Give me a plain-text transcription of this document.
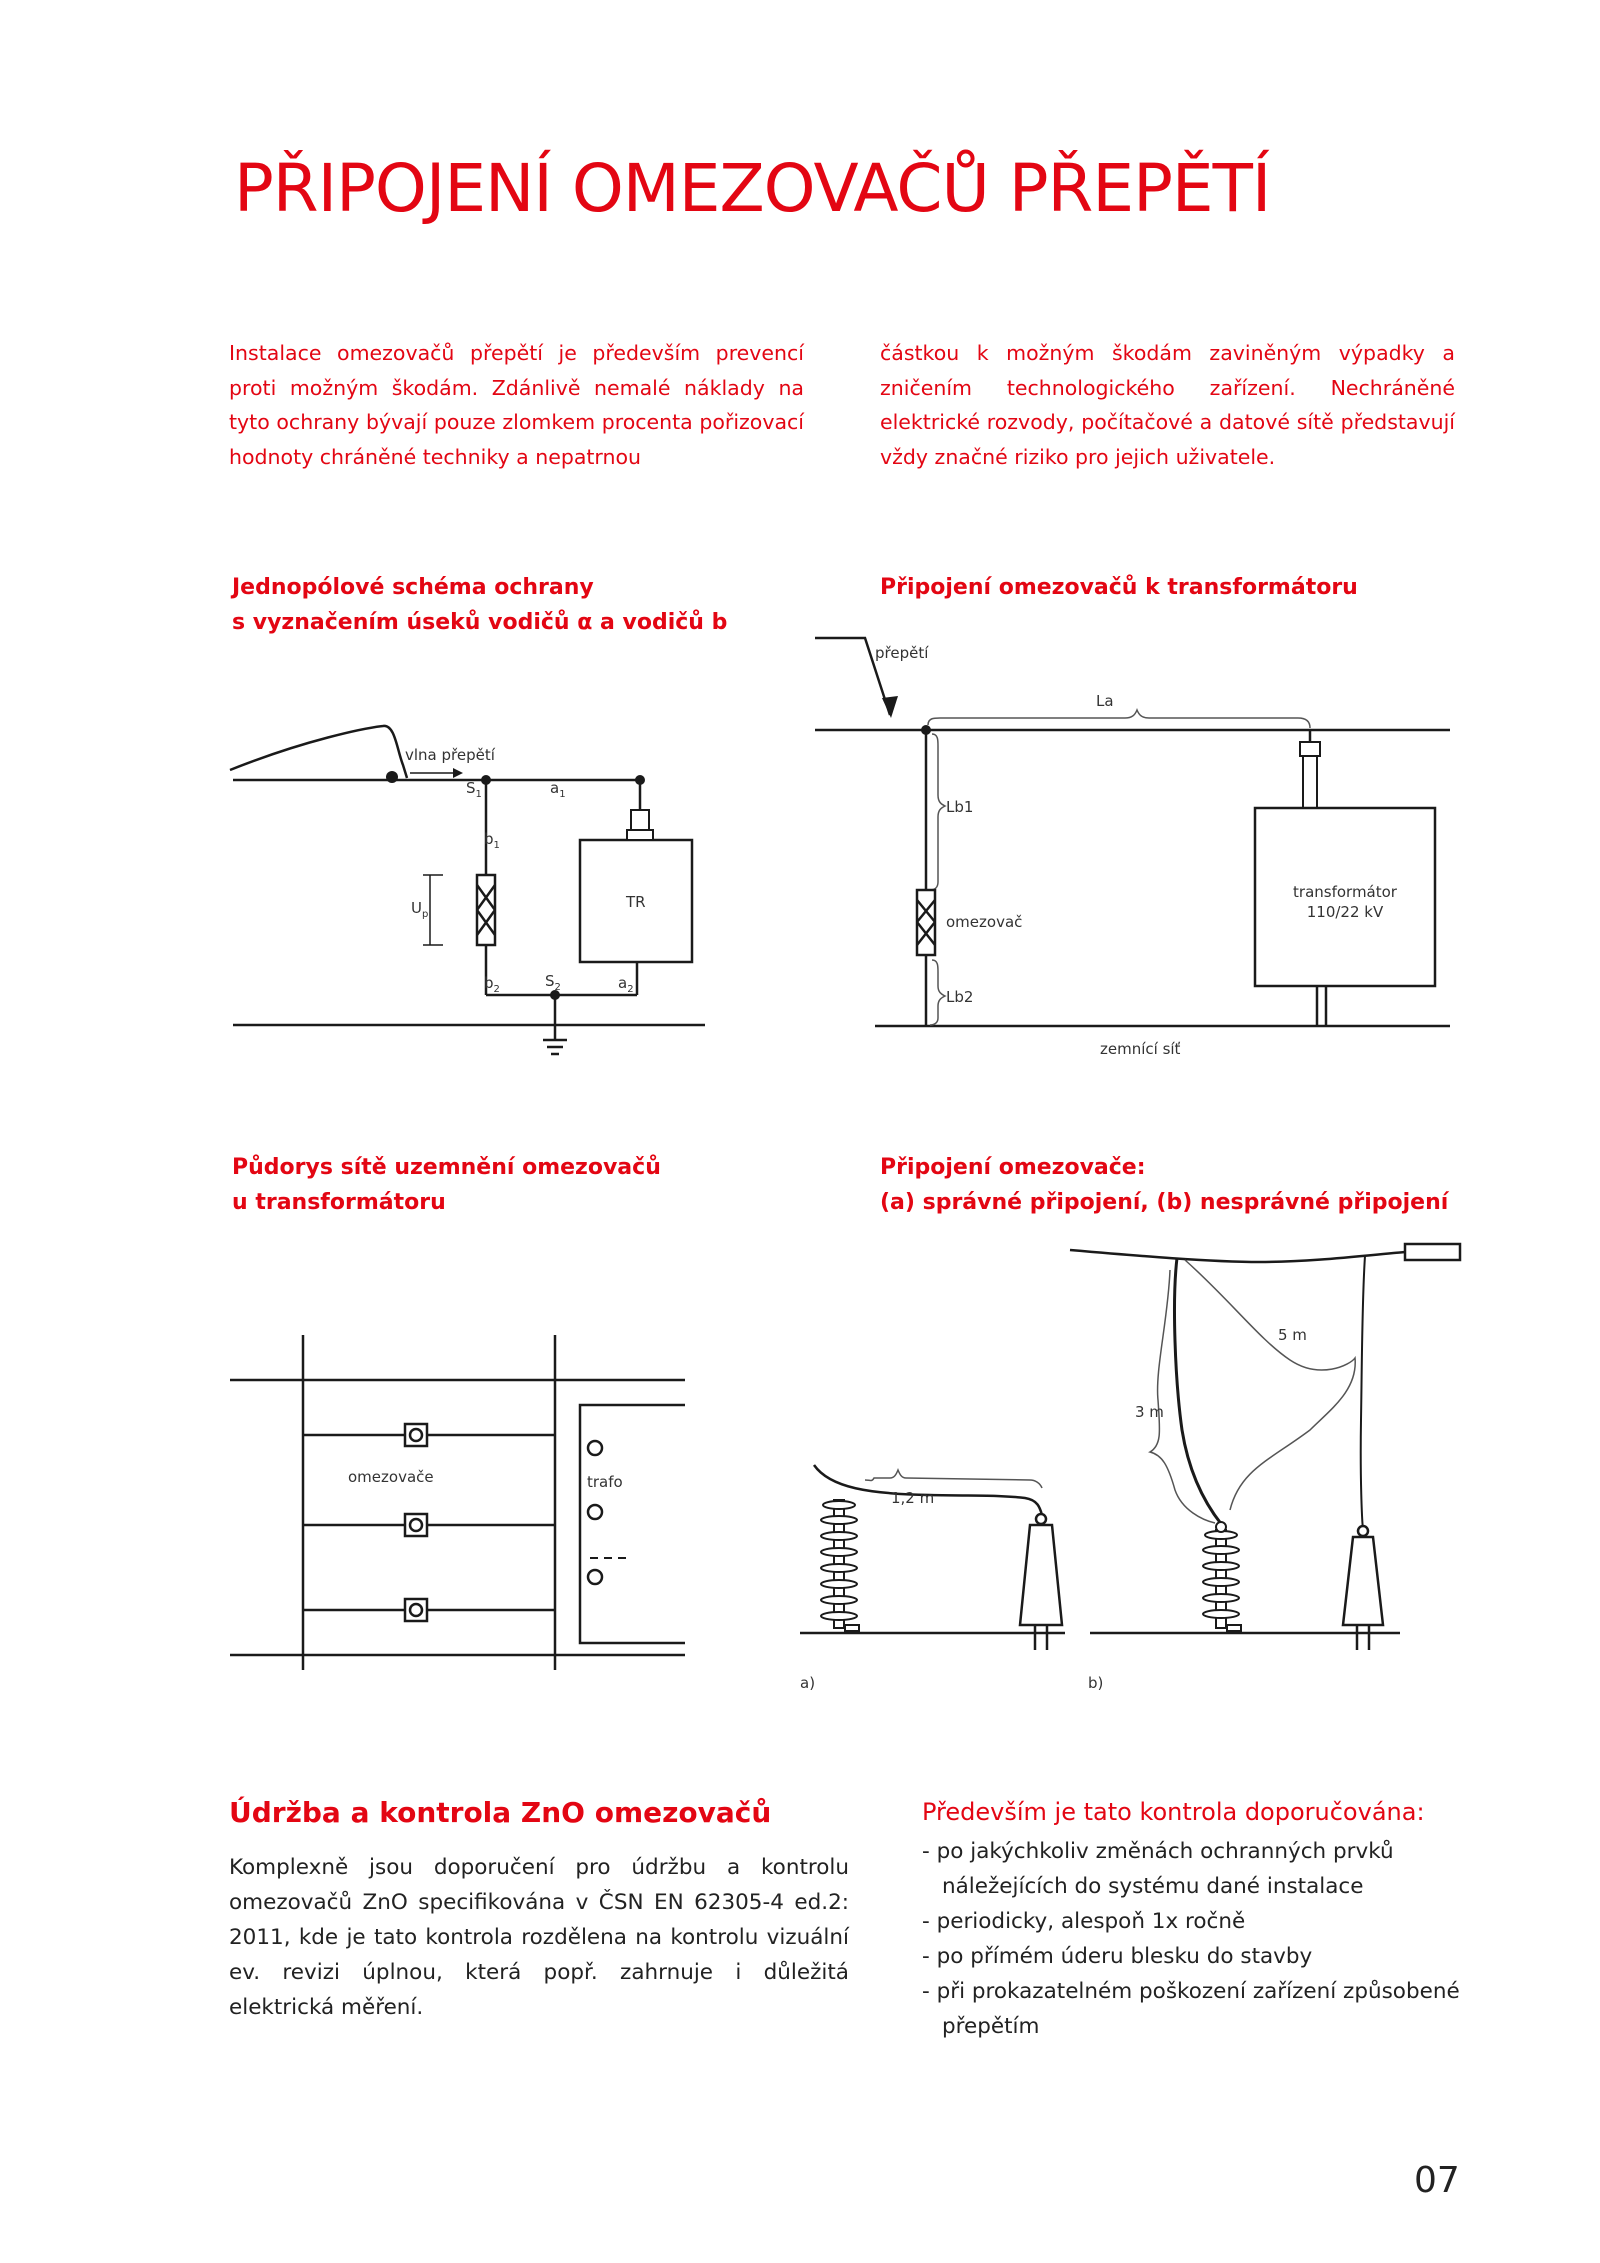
PŘIPOJENÍ OMEZOVAČŮ PŘEPĚTÍ

Instalace omezovačů přepětí je především prevencí proti možným škodám. Zdánlivě nemalé náklady na tyto ochrany bývají pouze zlomkem procenta pořizovací hodnoty chráněné techniky a nepatrnou

částkou k možným škodám zaviněným výpadky a zničením technologického zařízení. Nechráněné elektrické rozvody, počítačové a datové sítě představují vždy značné riziko pro jejich uživatele.

Jednopólové schéma ochrany
s vyznačením úseků vodičů α a vodičů b
Připojení omezovačů k transformátoru
vlna přepětí
$S_1$	$a_1$
$b_1$
$U_p$
TR
$b_2$	$S_2$	$a_2$
přepětí
La
Lb1
omezovač
Lb2
transformátor
110/22 kV
zemnící síť
Půdorys sítě uzemnění omezovačů
u transformátoru
Připojení omezovače:
(a) správné připojení, (b) nesprávné připojení
omezovače	trafo
1,2 m
3 m
5 m
a)	b)
Údržba a kontrola ZnO omezovačů

Komplexně jsou doporučení pro údržbu a kontrolu omezovačů ZnO specifikována v ČSN EN 62305-4 ed.2: 2011, kde je tato kontrola rozdělena na kontrolu vizuální ev. revizi úplnou, která popř. zahrnuje i důležitá elektrická měření.

Především je tato kontrola doporučována:
- po jakýchkoliv změnách ochranných prvků náležejících do systému dané instalace
- periodicky, alespoň 1x ročně
- po přímém úderu blesku do stavby
- při prokazatelném poškození zařízení způsobené přepětím

07
